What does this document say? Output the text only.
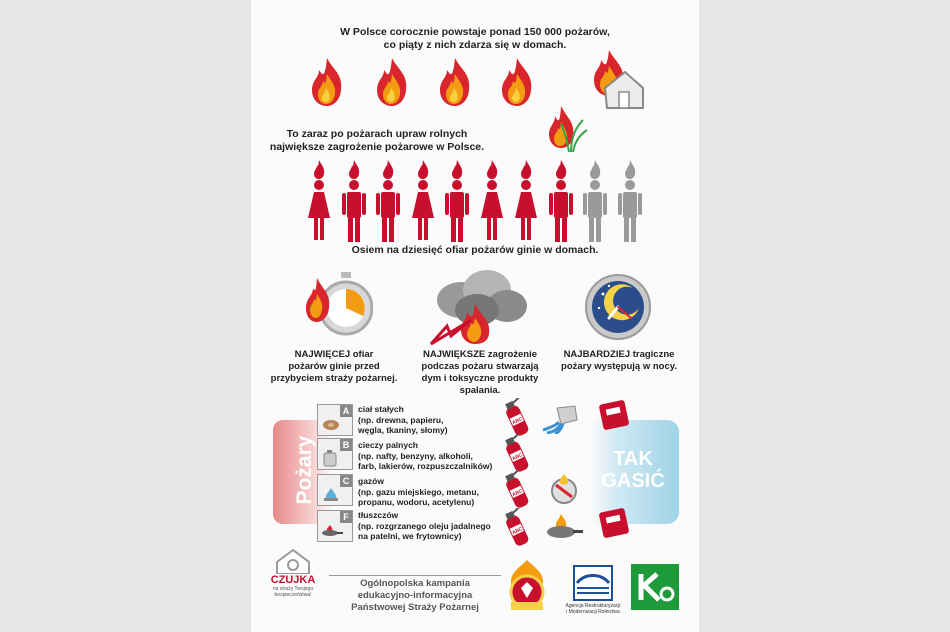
W Polsce corocznie powstaje ponad 150 000 pożarów,
co piąty z nich zdarza się w domach.
To zaraz po pożarach upraw rolnych
największe zagrożenie pożarowe w Polsce.
Osiem na dziesięć ofiar pożarów ginie w domach.
NAJWIĘCEJ ofiar
pożarów ginie przed
przybyciem straży pożarnej.
NAJWIĘKSZE zagrożenie
podczas pożaru stwarzają
dym i toksyczne produkty
spalania.
NAJBARDZIEJ tragiczne
pożary występują w nocy.
Pożary	TAK
GASIĆ
A	ciał stałych
(np. drewna, papieru,
węgla, tkaniny, słomy)
B	cieczy palnych
(np. nafty, benzyny, alkoholi,
farb, lakierów, rozpuszczalników)
C	gazów
(np. gazu miejskiego, metanu,
propanu, wodoru, acetylenu)
F	tłuszczów
(np. rozgrzanego oleju jadalnego
na patelni, we frytownicy)
ABC
ABC
ABC
ABC
CZUJKA
na straży Twojego
bezpieczeństwa!
Ogólnopolska kampania
edukacyjno-informacyjna
Państwowej Straży Pożarnej	Agencja Restrukturyzacji
i Modernizacji Rolnictwa
